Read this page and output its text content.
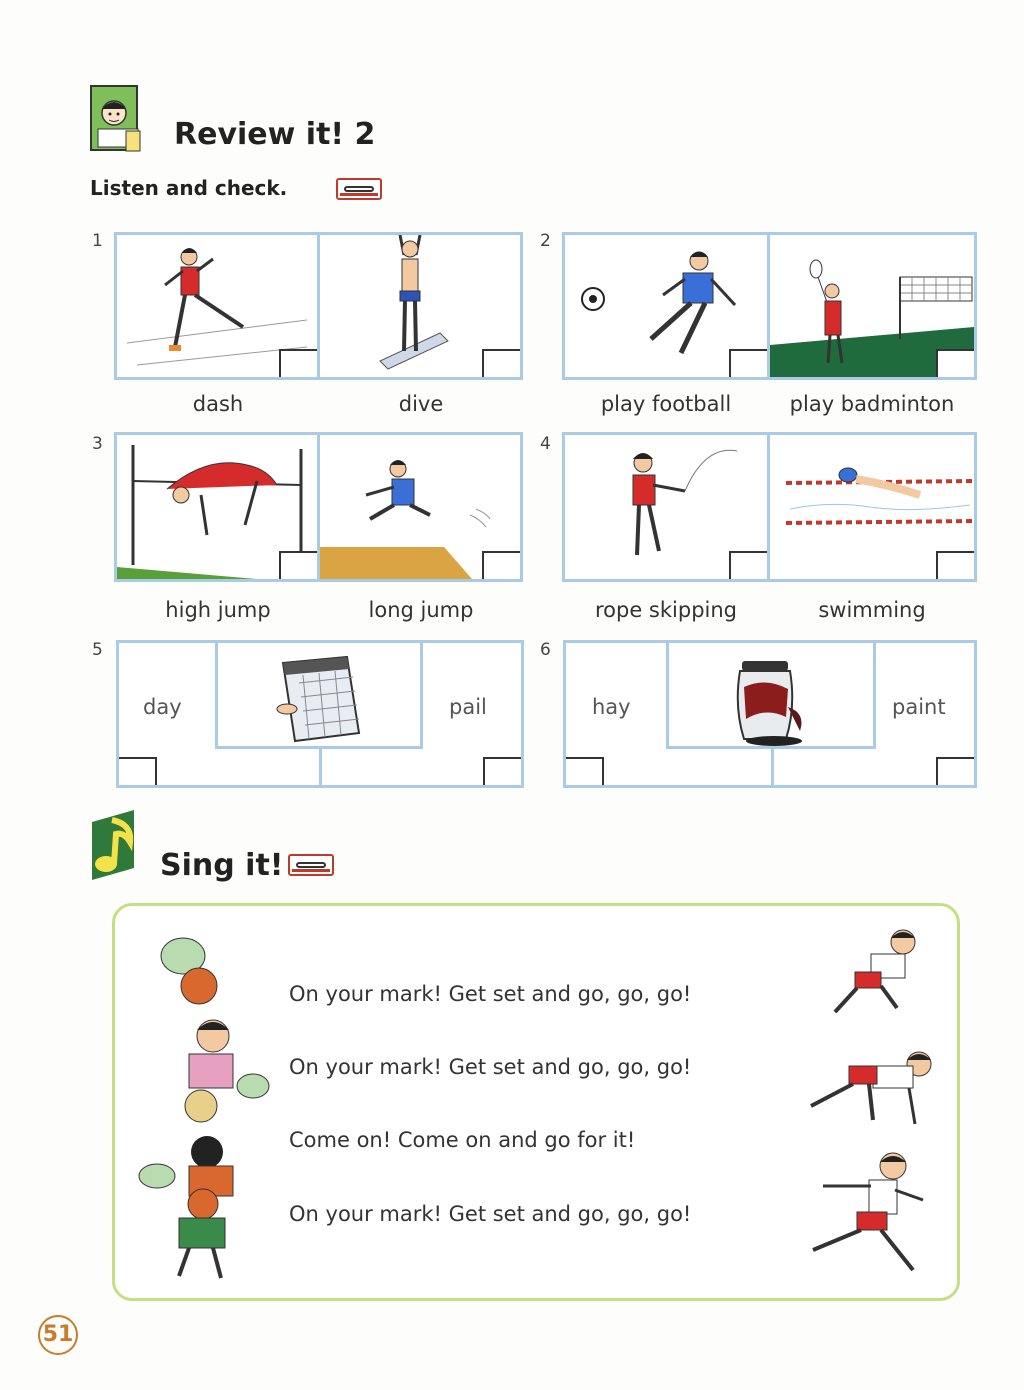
Review it! 2
Listen and check.
1
dash	dive
2
play football	play badminton
3
high jump	long jump
4
rope skipping	swimming
5
day	pail
6
hay	paint
Sing it!
On your mark! Get set and go, go, go!
On your mark! Get set and go, go, go!
Come on! Come on and go for it!
On your mark! Get set and go, go, go!
51
